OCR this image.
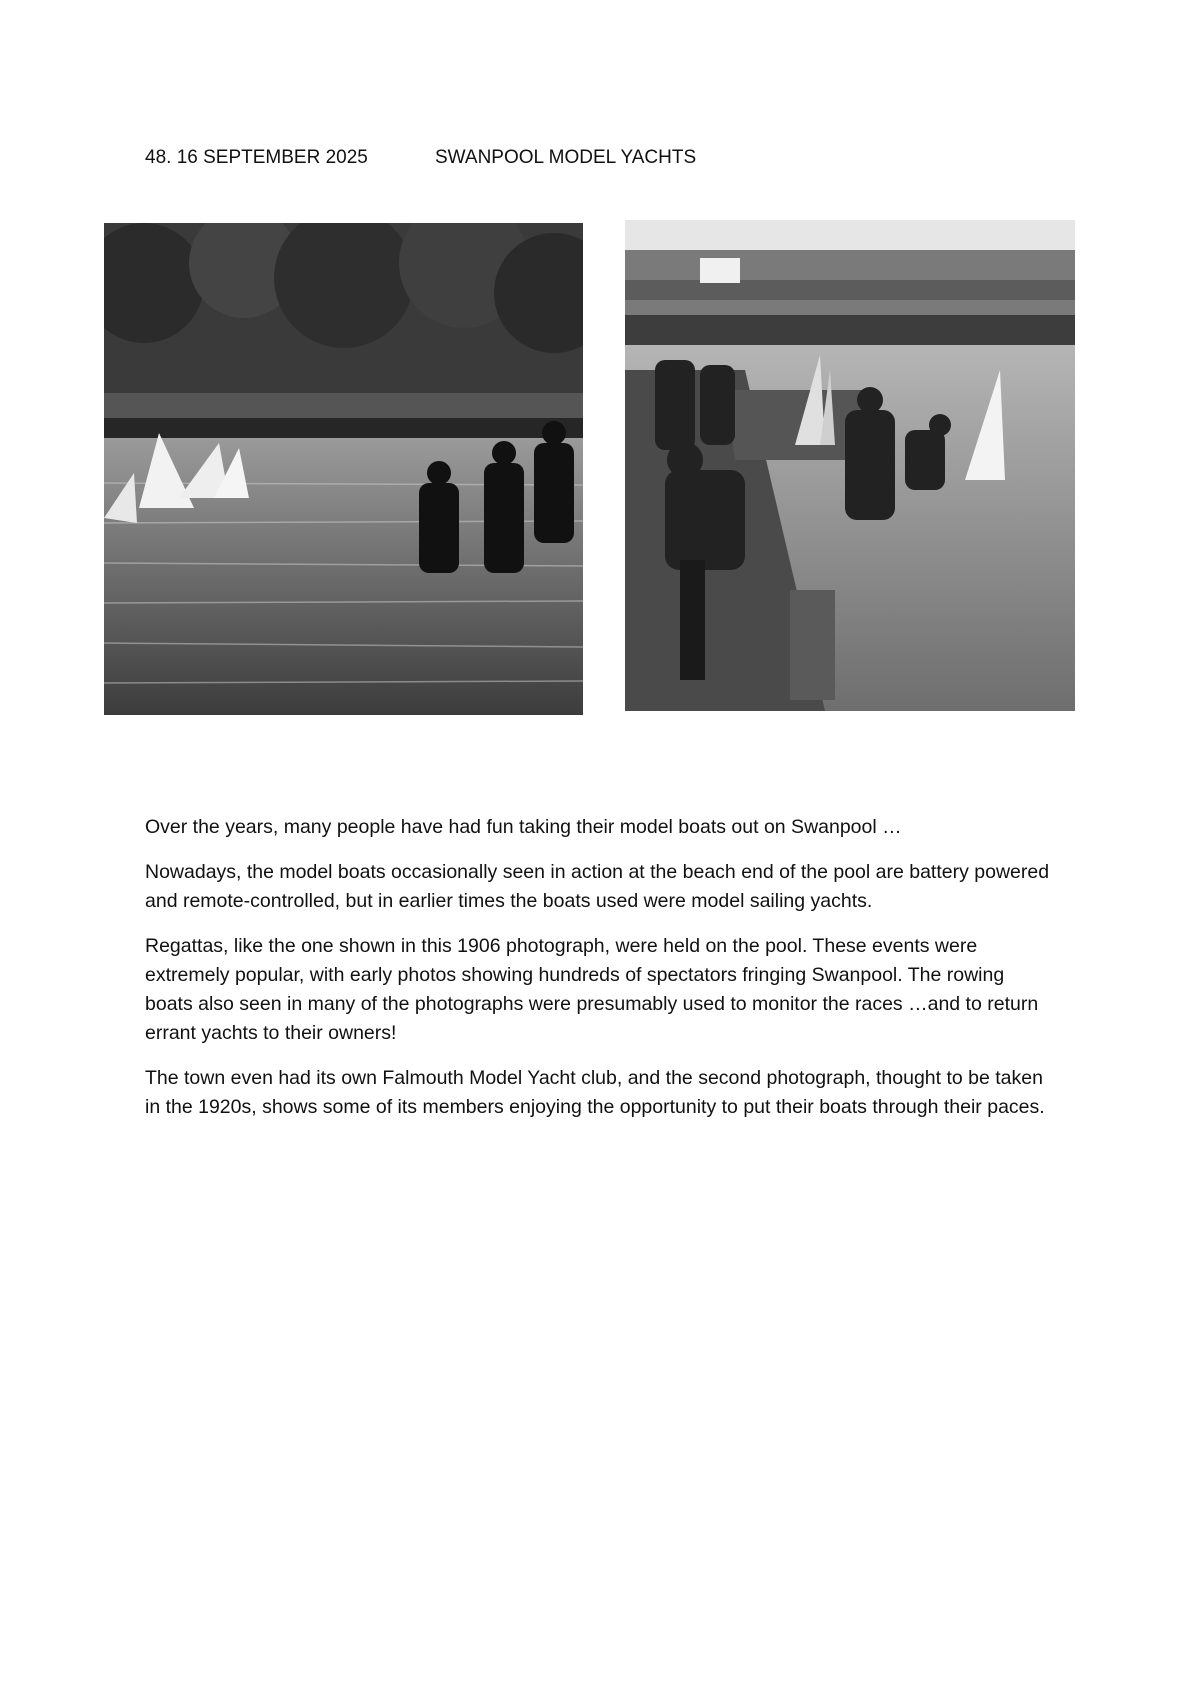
48. 16 SEPTEMBER 2025	SWANPOOL MODEL YACHTS

Over the years, many people have had fun taking their model boats out on Swanpool …

Nowadays, the model boats occasionally seen in action at the beach end of the pool are battery powered and remote-controlled, but in earlier times the boats used were model sailing yachts.

Regattas, like the one shown in this 1906 photograph, were held on the pool. These events were extremely popular, with early photos showing hundreds of spectators fringing Swanpool. The rowing boats also seen in many of the photographs were presumably used to monitor the races …and to return errant yachts to their owners!

The town even had its own Falmouth Model Yacht club, and the second photograph, thought to be taken in the 1920s, shows some of its members enjoying the opportunity to put their boats through their paces.
